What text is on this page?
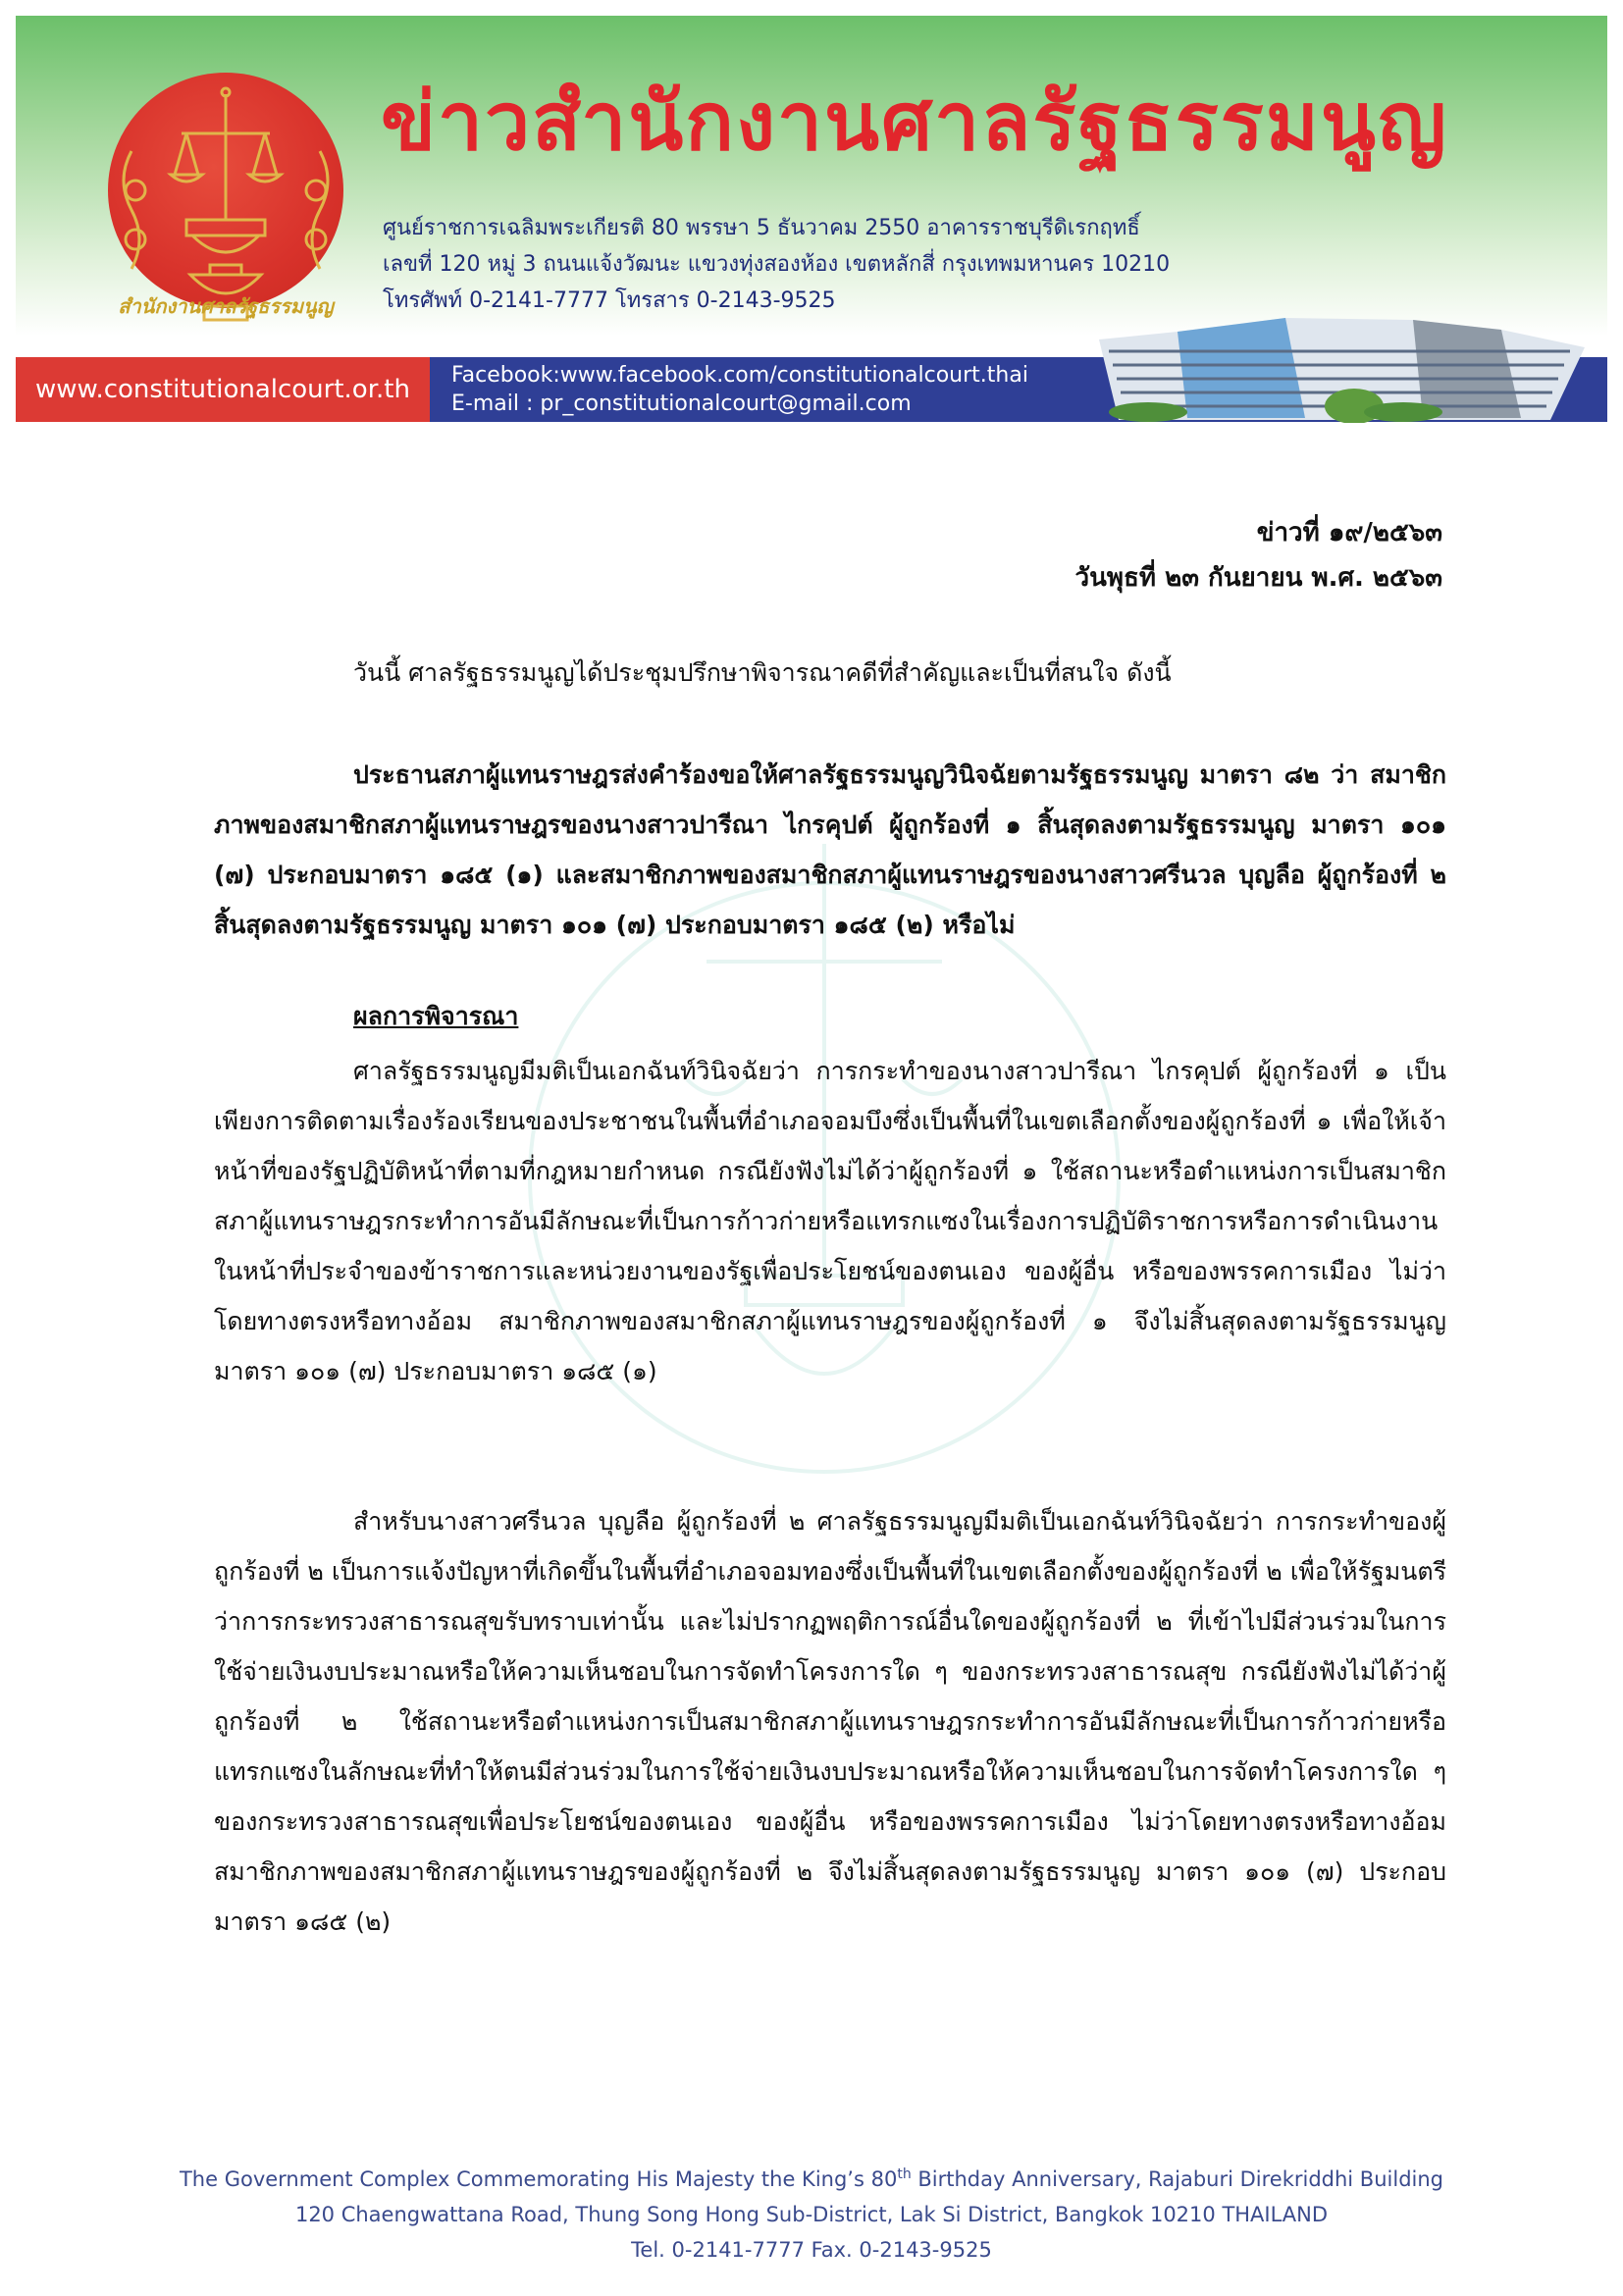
สำนักงานศาลรัฐธรรมนูญ
ข่าวสำนักงานศาลรัฐธรรมนูญ
ศูนย์ราชการเฉลิมพระเกียรติ 80 พรรษา 5 ธันวาคม 2550 อาคารราชบุรีดิเรกฤทธิ์
เลขที่ 120 หมู่ 3 ถนนแจ้งวัฒนะ แขวงทุ่งสองห้อง เขตหลักสี่ กรุงเทพมหานคร 10210
โทรศัพท์ 0-2141-7777 โทรสาร 0-2143-9525
www.constitutionalcourt.or.th Facebook:www.facebook.com/constitutionalcourt.thai
E-mail : pr_constitutionalcourt@gmail.com
ข่าวที่ ๑๙/๒๕๖๓
วันพุธที่ ๒๓ กันยายน พ.ศ. ๒๕๖๓

วันนี้ ศาลรัฐธรรมนูญได้ประชุมปรึกษาพิจารณาคดีที่สำคัญและเป็นที่สนใจ ดังนี้

ประธานสภาผู้แทนราษฎรส่งคำร้องขอให้ศาลรัฐธรรมนูญวินิจฉัยตามรัฐธรรมนูญ มาตรา ๘๒ ว่า สมาชิกภาพของสมาชิกสภาผู้แทนราษฎรของนางสาวปารีณา ไกรคุปต์ ผู้ถูกร้องที่ ๑ สิ้นสุดลงตามรัฐธรรมนูญ มาตรา ๑๐๑ (๗) ประกอบมาตรา ๑๘๕ (๑) และสมาชิกภาพของสมาชิกสภาผู้แทนราษฎรของนางสาวศรีนวล บุญลือ ผู้ถูกร้องที่ ๒ สิ้นสุดลงตามรัฐธรรมนูญ มาตรา ๑๐๑ (๗) ประกอบมาตรา ๑๘๕ (๒) หรือไม่

ผลการพิจารณา

ศาลรัฐธรรมนูญมีมติเป็นเอกฉันท์วินิจฉัยว่า การกระทำของนางสาวปารีณา ไกรคุปต์ ผู้ถูกร้องที่ ๑ เป็นเพียงการติดตามเรื่องร้องเรียนของประชาชนในพื้นที่อำเภอจอมบึงซึ่งเป็นพื้นที่ในเขตเลือกตั้งของผู้ถูกร้องที่ ๑ เพื่อให้เจ้าหน้าที่ของรัฐปฏิบัติหน้าที่ตามที่กฎหมายกำหนด กรณียังฟังไม่ได้ว่าผู้ถูกร้องที่ ๑ ใช้สถานะหรือตำแหน่งการเป็นสมาชิกสภาผู้แทนราษฎรกระทำการอันมีลักษณะที่เป็นการก้าวก่ายหรือแทรกแซงในเรื่องการปฏิบัติราชการหรือการดำเนินงานในหน้าที่ประจำของข้าราชการและหน่วยงานของรัฐเพื่อประโยชน์ของตนเอง ของผู้อื่น หรือของพรรคการเมือง ไม่ว่าโดยทางตรงหรือทางอ้อม สมาชิกภาพของสมาชิกสภาผู้แทนราษฎรของผู้ถูกร้องที่ ๑ จึงไม่สิ้นสุดลงตามรัฐธรรมนูญ มาตรา ๑๐๑ (๗) ประกอบมาตรา ๑๘๕ (๑)

สำหรับนางสาวศรีนวล บุญลือ ผู้ถูกร้องที่ ๒ ศาลรัฐธรรมนูญมีมติเป็นเอกฉันท์วินิจฉัยว่า การกระทำของผู้ถูกร้องที่ ๒ เป็นการแจ้งปัญหาที่เกิดขึ้นในพื้นที่อำเภอจอมทองซึ่งเป็นพื้นที่ในเขตเลือกตั้งของผู้ถูกร้องที่ ๒ เพื่อให้รัฐมนตรีว่าการกระทรวงสาธารณสุขรับทราบเท่านั้น และไม่ปรากฏพฤติการณ์อื่นใดของผู้ถูกร้องที่ ๒ ที่เข้าไปมีส่วนร่วมในการใช้จ่ายเงินงบประมาณหรือให้ความเห็นชอบในการจัดทำโครงการใด ๆ ของกระทรวงสาธารณสุข กรณียังฟังไม่ได้ว่าผู้ถูกร้องที่ ๒ ใช้สถานะหรือตำแหน่งการเป็นสมาชิกสภาผู้แทนราษฎรกระทำการอันมีลักษณะที่เป็นการก้าวก่ายหรือแทรกแซงในลักษณะที่ทำให้ตนมีส่วนร่วมในการใช้จ่ายเงินงบประมาณหรือให้ความเห็นชอบในการจัดทำโครงการใด ๆ ของกระทรวงสาธารณสุขเพื่อประโยชน์ของตนเอง ของผู้อื่น หรือของพรรคการเมือง ไม่ว่าโดยทางตรงหรือทางอ้อม สมาชิกภาพของสมาชิกสภาผู้แทนราษฎรของผู้ถูกร้องที่ ๒ จึงไม่สิ้นสุดลงตามรัฐธรรมนูญ มาตรา ๑๐๑ (๗) ประกอบมาตรา ๑๘๕ (๒)

The Government Complex Commemorating His Majesty the King’s 80th Birthday Anniversary, Rajaburi Direkriddhi Building
120 Chaengwattana Road, Thung Song Hong Sub-District, Lak Si District, Bangkok 10210 THAILAND
Tel. 0-2141-7777 Fax. 0-2143-9525
